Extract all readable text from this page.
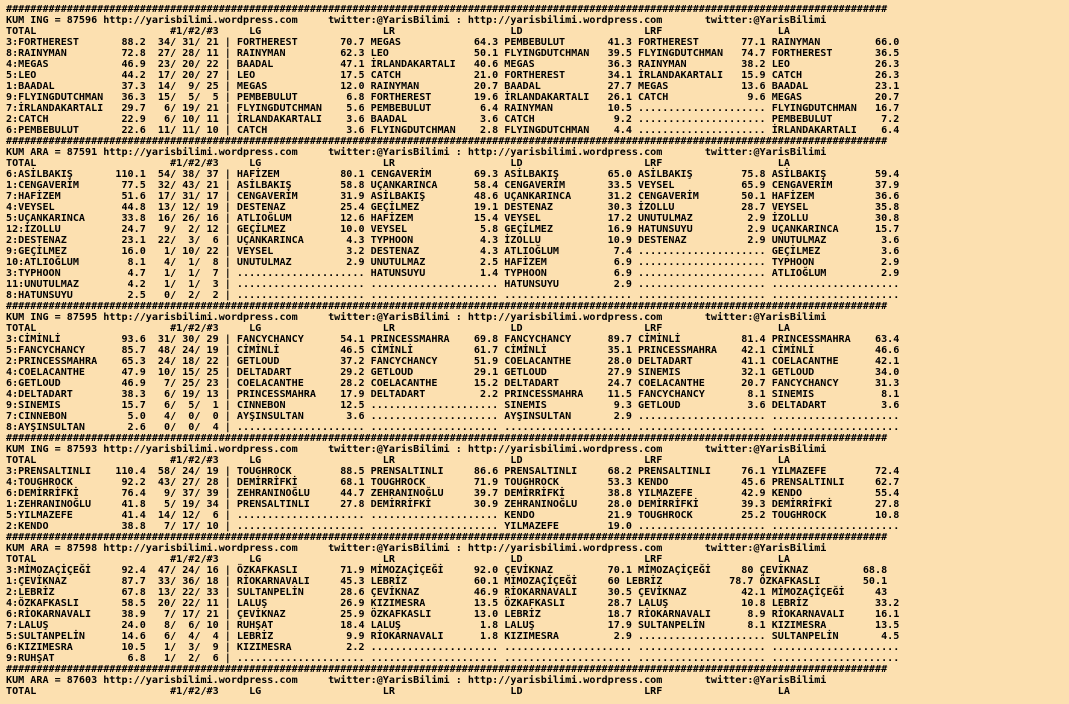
#################################################################################################################################################
KUM ING = 87596 http://yarisbilimi.wordpress.com     twitter:@YarisBilimi : http://yarisbilimi.wordpress.com       twitter:@YarisBilimi
TOTAL                      #1/#2/#3     LG                    LR                   LD                    LRF                   LA
3:FORTHEREST       88.2  34/ 31/ 21 | FORTHEREST       70.7 MEGAS            64.3 PEMBEBULUT       41.3 FORTHEREST       77.1 RAINYMAN         66.0
8:RAINYMAN         72.8  27/ 28/ 11 | RAINYMAN         62.3 LEO              50.1 FLYINGDUTCHMAN   39.5 FLYINGDUTCHMAN   74.7 FORTHEREST       36.5
4:MEGAS            46.9  23/ 20/ 22 | BAADAL           47.1 İRLANDAKARTALI   40.6 MEGAS            36.3 RAINYMAN         38.2 LEO              26.3
5:LEO              44.2  17/ 20/ 27 | LEO              17.5 CATCH            21.0 FORTHEREST       34.1 İRLANDAKARTALI   15.9 CATCH            26.3
1:BAADAL           37.3  14/  9/ 25 | MEGAS            12.0 RAINYMAN         20.7 BAADAL           27.7 MEGAS            13.6 BAADAL           23.1
9:FLYINGDUTCHMAN   36.3  15/  5/  5 | PEMBEBULUT        6.8 FORTHEREST       19.6 İRLANDAKARTALI   26.1 CATCH             9.6 MEGAS            20.7
7:İRLANDAKARTALI   29.7   6/ 19/ 21 | FLYINGDUTCHMAN    5.6 PEMBEBULUT        6.4 RAINYMAN         10.5 ..................... FLYINGDUTCHMAN   16.7
2:CATCH            22.9   6/ 10/ 11 | İRLANDAKARTALI    3.6 BAADAL            3.6 CATCH             9.2 ..................... PEMBEBULUT        7.2
6:PEMBEBULUT       22.6  11/ 11/ 10 | CATCH             3.6 FLYINGDUTCHMAN    2.8 FLYINGDUTCHMAN    4.4 ..................... İRLANDAKARTALI    6.4
#################################################################################################################################################
KUM ARA = 87591 http://yarisbilimi.wordpress.com     twitter:@YarisBilimi : http://yarisbilimi.wordpress.com       twitter:@YarisBilimi
TOTAL                      #1/#2/#3     LG                    LR                   LD                    LRF                   LA
6:ASİLBAKIŞ       110.1  54/ 38/ 37 | HAFİZEM          80.1 CENGAVERİM       69.3 ASİLBAKIŞ        65.0 ASİLBAKIŞ        75.8 ASİLBAKIŞ        59.4
1:CENGAVERİM       77.5  32/ 43/ 21 | ASİLBAKIŞ        58.8 UÇANKARINCA      58.4 CENGAVERİM       33.5 VEYSEL           65.9 CENGAVERİM       37.9
7:HAFİZEM          51.6  17/ 31/ 17 | CENGAVERİM       31.9 ASİLBAKIŞ        48.6 UÇANKARINCA      31.2 CENGAVERİM       50.1 HAFİZEM          36.6
4:VEYSEL           44.8  13/ 12/ 19 | DESTENAZ         25.4 GEÇİLMEZ         19.1 DESTENAZ         30.3 İZOLLU           28.7 VEYSEL           35.8
5:UÇANKARINCA      33.8  16/ 26/ 16 | ATLIOĞLUM        12.6 HAFİZEM          15.4 VEYSEL           17.2 UNUTULMAZ         2.9 İZOLLU           30.8
12:İZOLLU          24.7   9/  2/ 12 | GEÇİLMEZ         10.0 VEYSEL            5.8 GEÇİLMEZ         16.9 HATUNSUYU         2.9 UÇANKARINCA      15.7
2:DESTENAZ         23.1  22/  3/  6 | UÇANKARINCA       4.3 TYPHOON           4.3 İZOLLU           10.9 DESTENAZ          2.9 UNUTULMAZ         3.6
9:GEÇİLMEZ         16.0   1/ 10/ 22 | VEYSEL            3.2 DESTENAZ          4.3 ATLIOĞLUM         7.4 ..................... GEÇİLMEZ          3.6
10:ATLIOĞLUM        8.1   4/  1/  8 | UNUTULMAZ         2.9 UNUTULMAZ         2.5 HAFİZEM           6.9 ..................... TYPHOON           2.9
3:TYPHOON           4.7   1/  1/  7 | ..................... HATUNSUYU         1.4 TYPHOON           6.9 ..................... ATLIOĞLUM         2.9
11:UNUTULMAZ        4.2   1/  1/  3 | ..................... ..................... HATUNSUYU         2.9 ..................... .....................
8:HATUNSUYU         2.5   0/  2/  2 | ..................... ..................... ..................... ..................... .....................
#################################################################################################################################################
KUM ING = 87595 http://yarisbilimi.wordpress.com     twitter:@YarisBilimi : http://yarisbilimi.wordpress.com       twitter:@YarisBilimi
TOTAL                      #1/#2/#3     LG                    LR                   LD                    LRF                   LA
3:CİMİNLİ          93.6  31/ 30/ 29 | FANCYCHANCY      54.1 PRINCESSMAHRA    69.8 FANCYCHANCY      89.7 CİMİNLİ          81.4 PRINCESSMAHRA    63.4
5:FANCYCHANCY      85.7  48/ 24/ 19 | CİMİNLİ          46.5 CİMİNLİ          61.7 CİMİNLİ          35.1 PRINCESSMAHRA    42.1 CİMİNLİ          46.6
2:PRINCESSMAHRA    65.3  24/ 18/ 22 | GETLOUD          37.2 FANCYCHANCY      51.9 COELACANTHE      28.0 DELTADART        41.1 COELACANTHE      42.1
4:COELACANTHE      47.9  10/ 15/ 25 | DELTADART        29.2 GETLOUD          29.1 GETLOUD          27.9 SINEMIS          32.1 GETLOUD          34.0
6:GETLOUD          46.9   7/ 25/ 23 | COELACANTHE      28.2 COELACANTHE      15.2 DELTADART        24.7 COELACANTHE      20.7 FANCYCHANCY      31.3
4:DELTADART        38.3   6/ 19/ 13 | PRINCESSMAHRA    17.9 DELTADART         2.2 PRINCESSMAHRA    11.5 FANCYCHANCY       8.1 SINEMIS           8.1
9:SINEMIS          15.7   6/  5/  1 | CINNEBON         12.5 ..................... SINEMIS           9.3 GETLOUD           3.6 DELTADART         3.6
7:CINNEBON          5.0   4/  0/  0 | AYŞINSULTAN       3.6 ..................... AYŞINSULTAN       2.9 ..................... .....................
8:AYŞINSULTAN       2.6   0/  0/  4 | ..................... ..................... ..................... ..................... .....................
#################################################################################################################################################
KUM ING = 87593 http://yarisbilimi.wordpress.com     twitter:@YarisBilimi : http://yarisbilimi.wordpress.com       twitter:@YarisBilimi
TOTAL                      #1/#2/#3     LG                    LR                   LD                    LRF                   LA
3:PRENSALTINLI    110.4  58/ 24/ 19 | TOUGHROCK        88.5 PRENSALTINLI     86.6 PRENSALTINLI     68.2 PRENSALTINLI     76.1 YILMAZEFE        72.4
4:TOUGHROCK        92.2  43/ 27/ 28 | DEMİRRİFKİ       68.1 TOUGHROCK        71.9 TOUGHROCK        53.3 KENDO            45.6 PRENSALTINLI     62.7
6:DEMİRRİFKİ       76.4   9/ 37/ 39 | ZEHRANINOĞLU     44.7 ZEHRANINOĞLU     39.7 DEMİRRİFKİ       38.8 YILMAZEFE        42.9 KENDO            55.4
1:ZEHRANINOĞLU     41.8   5/ 19/ 34 | PRENSALTINLI     27.8 DEMİRRİFKİ       30.9 ZEHRANINOĞLU     28.0 DEMİRRİFKİ       39.3 DEMİRRİFKİ       27.8
5:YILMAZEFE        41.4  14/ 12/  6 | ..................... ..................... KENDO            21.9 TOUGHROCK        25.2 TOUGHROCK        10.8
2:KENDO            38.8   7/ 17/ 10 | ..................... ..................... YILMAZEFE        19.0 ..................... .....................
#################################################################################################################################################
KUM ARA = 87598 http://yarisbilimi.wordpress.com     twitter:@YarisBilimi : http://yarisbilimi.wordpress.com       twitter:@YarisBilimi
TOTAL                      #1/#2/#3     LG                    LR                   LD                    LRF                   LA
3:MİMOZAÇİÇEĞİ     92.4  47/ 24/ 16 | ÖZKAFKASLI       71.9 MİMOZAÇİÇEĞİ     92.0 ÇEVİKNAZ         70.1 MİMOZAÇİÇEĞİ     80 ÇEVİKNAZ         68.8
1:ÇEVİKNAZ         87.7  33/ 36/ 18 | RİOKARNAVALI     45.3 LEBRİZ           60.1 MİMOZAÇİÇEĞİ     60 LEBRİZ           78.7 ÖZKAFKASLI       50.1
2:LEBRİZ           67.8  13/ 22/ 33 | SULTANPELİN      28.6 ÇEVİKNAZ         46.9 RİOKARNAVALI     30.5 ÇEVİKNAZ         42.1 MİMOZAÇİÇEĞİ     43
4:ÖZKAFKASLI       58.5  20/ 22/ 11 | LALUŞ            26.9 KIZIMESRA        13.5 ÖZKAFKASLI       28.7 LALUŞ            10.8 LEBRİZ           33.2
6:RİOKARNAVALI     38.9   7/ 17/ 21 | ÇEVİKNAZ         25.9 ÖZKAFKASLI       13.0 LEBRİZ           18.7 RİOKARNAVALI      8.9 RİOKARNAVALI     16.1
7:LALUŞ            24.0   8/  6/ 10 | RUHŞAT           18.4 LALUŞ             1.8 LALUŞ            17.9 SULTANPELİN       8.1 KIZIMESRA        13.5
5:SULTANPELİN      14.6   6/  4/  4 | LEBRİZ            9.9 RİOKARNAVALI      1.8 KIZIMESRA         2.9 ..................... SULTANPELİN       4.5
6:KIZIMESRA        10.5   1/  3/  9 | KIZIMESRA         2.2 ..................... ..................... ..................... .....................
9:RUHŞAT            6.8   1/  2/  6 | ..................... ..................... ..................... ..................... .....................
#################################################################################################################################################
KUM ARA = 87603 http://yarisbilimi.wordpress.com     twitter:@YarisBilimi : http://yarisbilimi.wordpress.com       twitter:@YarisBilimi
TOTAL                      #1/#2/#3     LG                    LR                   LD                    LRF                   LA
